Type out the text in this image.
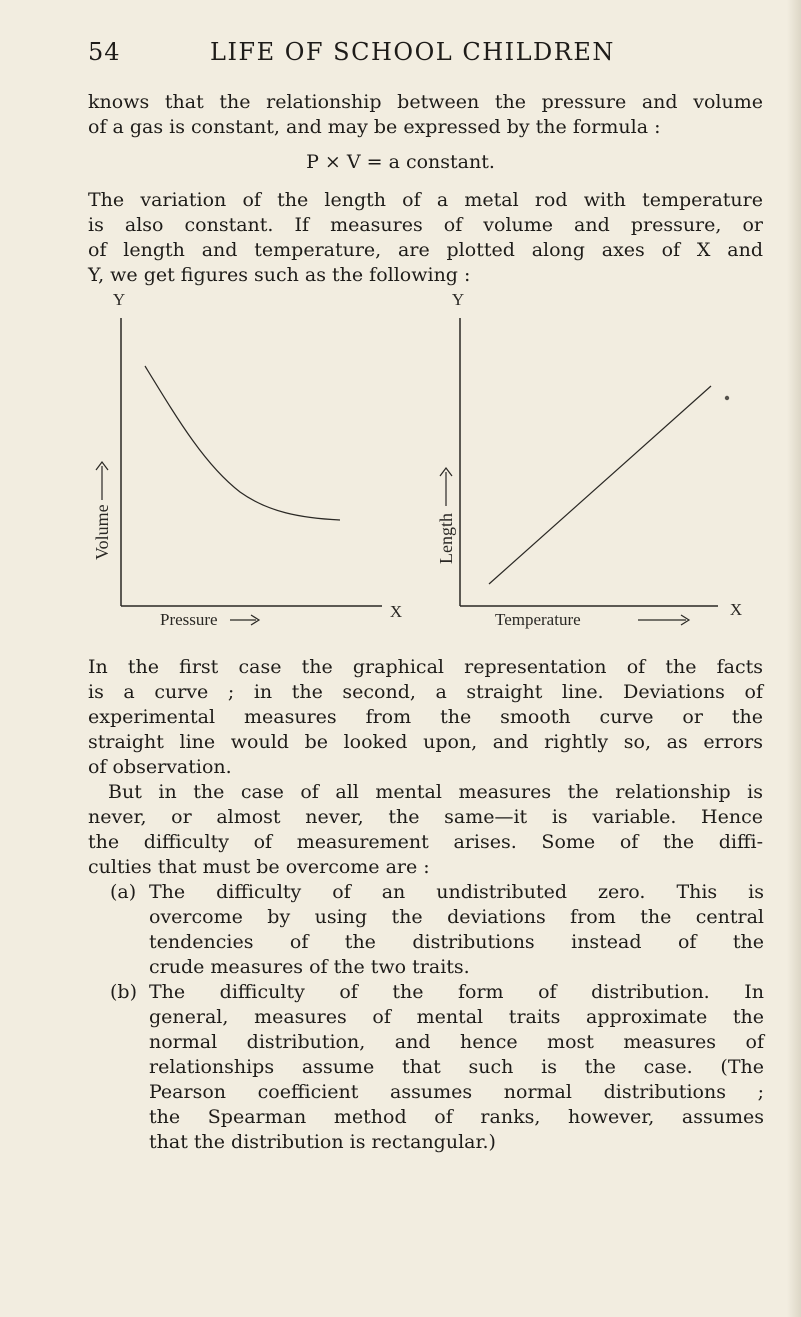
54	LIFE OF SCHOOL CHILDREN
knows that the relationship between the pressure and volume
of a gas is constant, and may be expressed by the formula :
P × V = a constant.
The variation of the length of a metal rod with temperature
is also constant. If measures of volume and pressure, or
of length and temperature, are plotted along axes of X and
Y, we get figures such as the following :
Y
Volume
Pressure	X
Y
Length
Temperature
X
In the first case the graphical representation of the facts
is a curve ; in the second, a straight line. Deviations of
experimental measures from the smooth curve or the
straight line would be looked upon, and rightly so, as errors
of observation.
But in the case of all mental measures the relationship is
never, or almost never, the same—it is variable. Hence
the difficulty of measurement arises. Some of the diffi-
culties that must be overcome are :
(a) The difficulty of an undistributed zero. This is
overcome by using the deviations from the central
tendencies of the distributions instead of the
crude measures of the two traits.
(b) The difficulty of the form of distribution. In
general, measures of mental traits approximate the
normal distribution, and hence most measures of
relationships assume that such is the case. (The
Pearson coefficient assumes normal distributions ;
the Spearman method of ranks, however, assumes
that the distribution is rectangular.)
